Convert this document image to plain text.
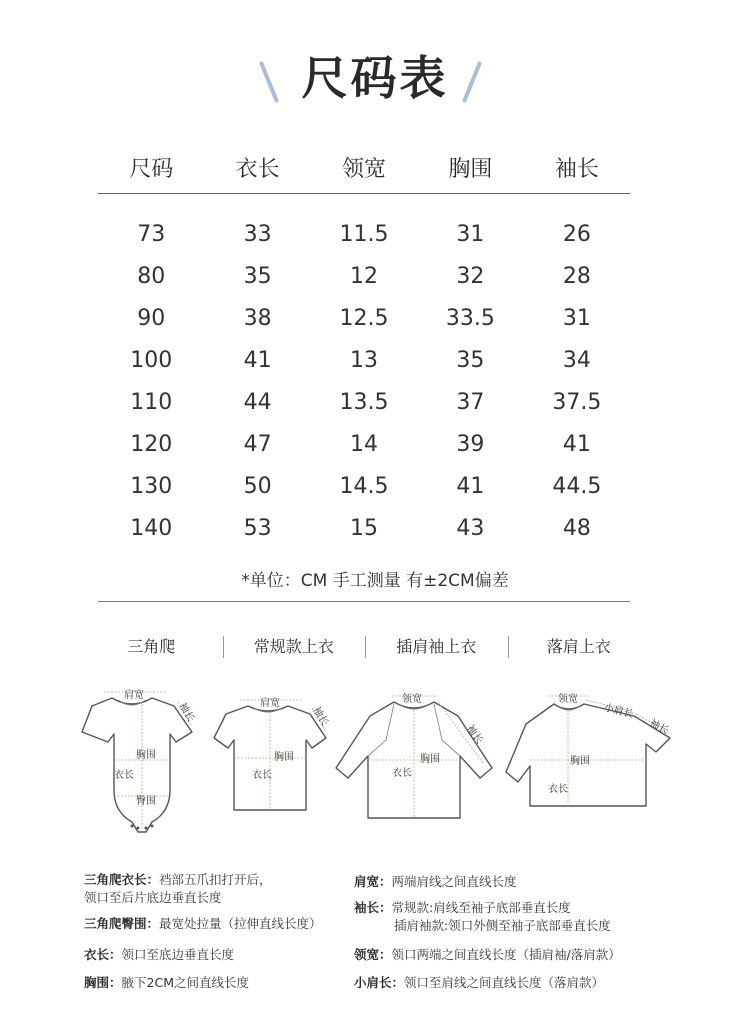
尺码表
尺码	衣长	领宽	胸围	袖长
73	33	11.5	31	26
80	35	12	32	28
90	38	12.5	33.5	31
100	41	13	35	34
110	44	13.5	37	37.5
120	47	14	39	41
130	50	14.5	41	44.5
140	53	15	43	48
*单位：CM 手工测量 有±2CM偏差
三角爬	常规款上衣	插肩袖上衣	落肩上衣
肩宽
袖长
胸围
衣长
臀围
肩宽
袖长
胸围
衣长
领宽
袖长
胸围
衣长
领宽
小肩长
袖长
胸围
衣长
三角爬衣长：裆部五爪扣打开后，
领口至后片底边垂直长度
三角爬臀围：最宽处拉量（拉伸直线长度）
衣长：领口至底边垂直长度
胸围：腋下2CM之间直线长度
肩宽：两端肩线之间直线长度
袖长：常规款:肩线至袖子底部垂直长度
插肩袖款:领口外侧至袖子底部垂直长度
领宽：领口两端之间直线长度（插肩袖/落肩款）
小肩长：领口至肩线之间直线长度（落肩款）
